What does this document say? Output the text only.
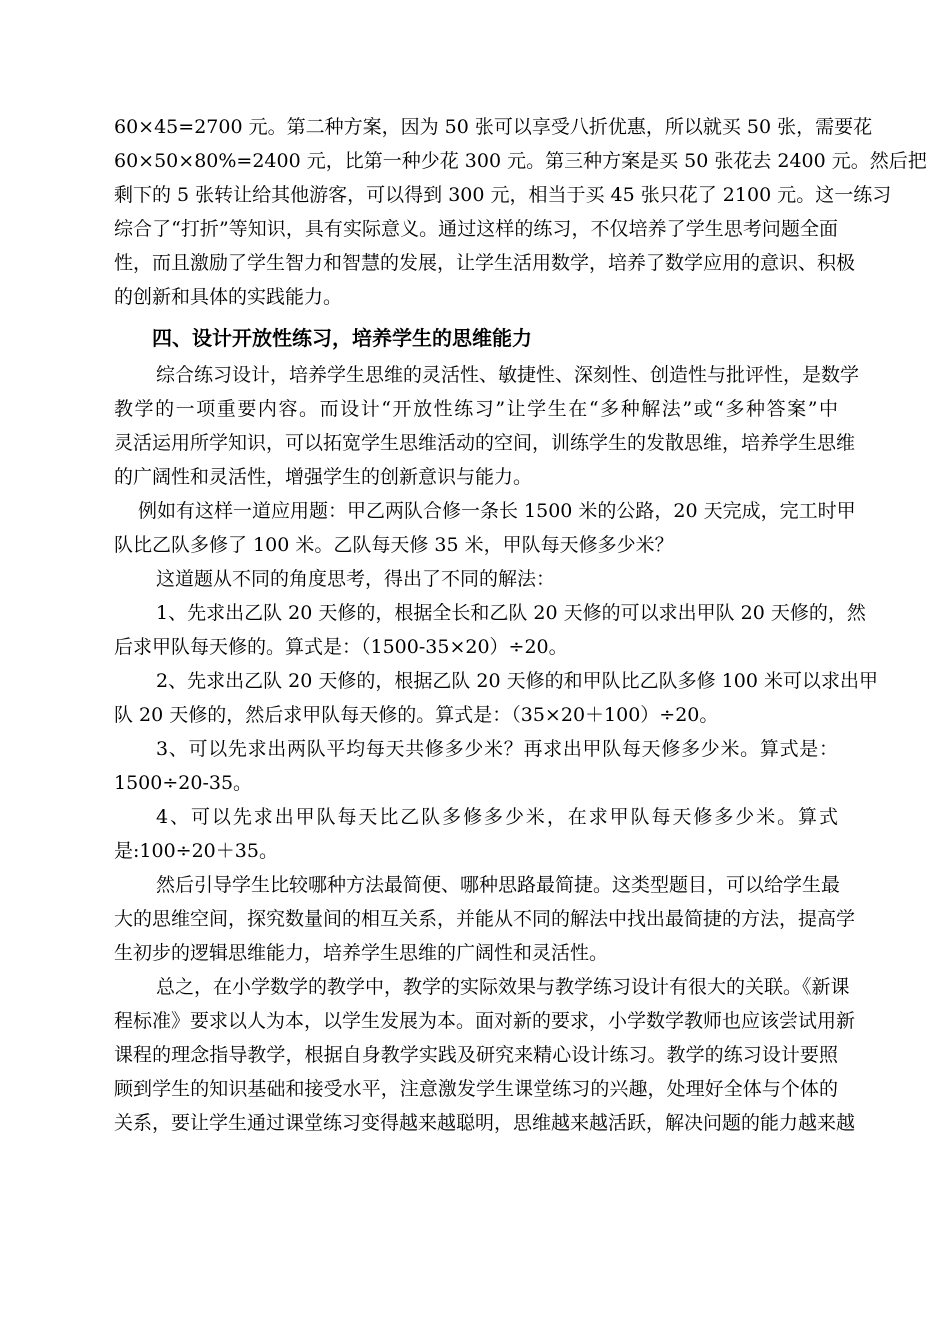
60×45=2700 元。第二种方案，因为 50 张可以享受八折优惠，所以就买 50 张，需要花
60×50×80%=2400 元，比第一种少花 300 元。第三种方案是买 50 张花去 2400 元。然后把
剩下的 5 张转让给其他游客，可以得到 300 元，相当于买 45 张只花了 2100 元。这一练习
综合了“打折”等知识，具有实际意义。通过这样的练习，不仅培养了学生思考问题全面
性，而且激励了学生智力和智慧的发展，让学生活用数学，培养了数学应用的意识、积极
的创新和具体的实践能力。
四、设计开放性练习，培养学生的思维能力
综合练习设计，培养学生思维的灵活性、敏捷性、深刻性、创造性与批评性，是数学
教学的一项重要内容。而设计“开放性练习”让学生在“多种解法”或“多种答案”中
灵活运用所学知识，可以拓宽学生思维活动的空间，训练学生的发散思维，培养学生思维
的广阔性和灵活性，增强学生的创新意识与能力。
例如有这样一道应用题：甲乙两队合修一条长 1500 米的公路，20 天完成，完工时甲
队比乙队多修了 100 米。乙队每天修 35 米，甲队每天修多少米？
这道题从不同的角度思考，得出了不同的解法：
1、先求出乙队 20 天修的，根据全长和乙队 20 天修的可以求出甲队 20 天修的，然
后求甲队每天修的。算式是：（1500-35×20）÷20。
2、先求出乙队 20 天修的，根据乙队 20 天修的和甲队比乙队多修 100 米可以求出甲
队 20 天修的，然后求甲队每天修的。算式是：（35×20＋100）÷20。
3、可以先求出两队平均每天共修多少米？再求出甲队每天修多少米。算式是：
1500÷20-35。
4、可以先求出甲队每天比乙队多修多少米，在求甲队每天修多少米。算式
是:100÷20＋35。
然后引导学生比较哪种方法最简便、哪种思路最简捷。这类型题目，可以给学生最
大的思维空间，探究数量间的相互关系，并能从不同的解法中找出最简捷的方法，提高学
生初步的逻辑思维能力，培养学生思维的广阔性和灵活性。
总之，在小学数学的教学中，教学的实际效果与教学练习设计有很大的关联。《新课
程标准》要求以人为本，以学生发展为本。面对新的要求，小学数学教师也应该尝试用新
课程的理念指导教学，根据自身教学实践及研究来精心设计练习。教学的练习设计要照
顾到学生的知识基础和接受水平，注意激发学生课堂练习的兴趣，处理好全体与个体的
关系，要让学生通过课堂练习变得越来越聪明，思维越来越活跃，解决问题的能力越来越
